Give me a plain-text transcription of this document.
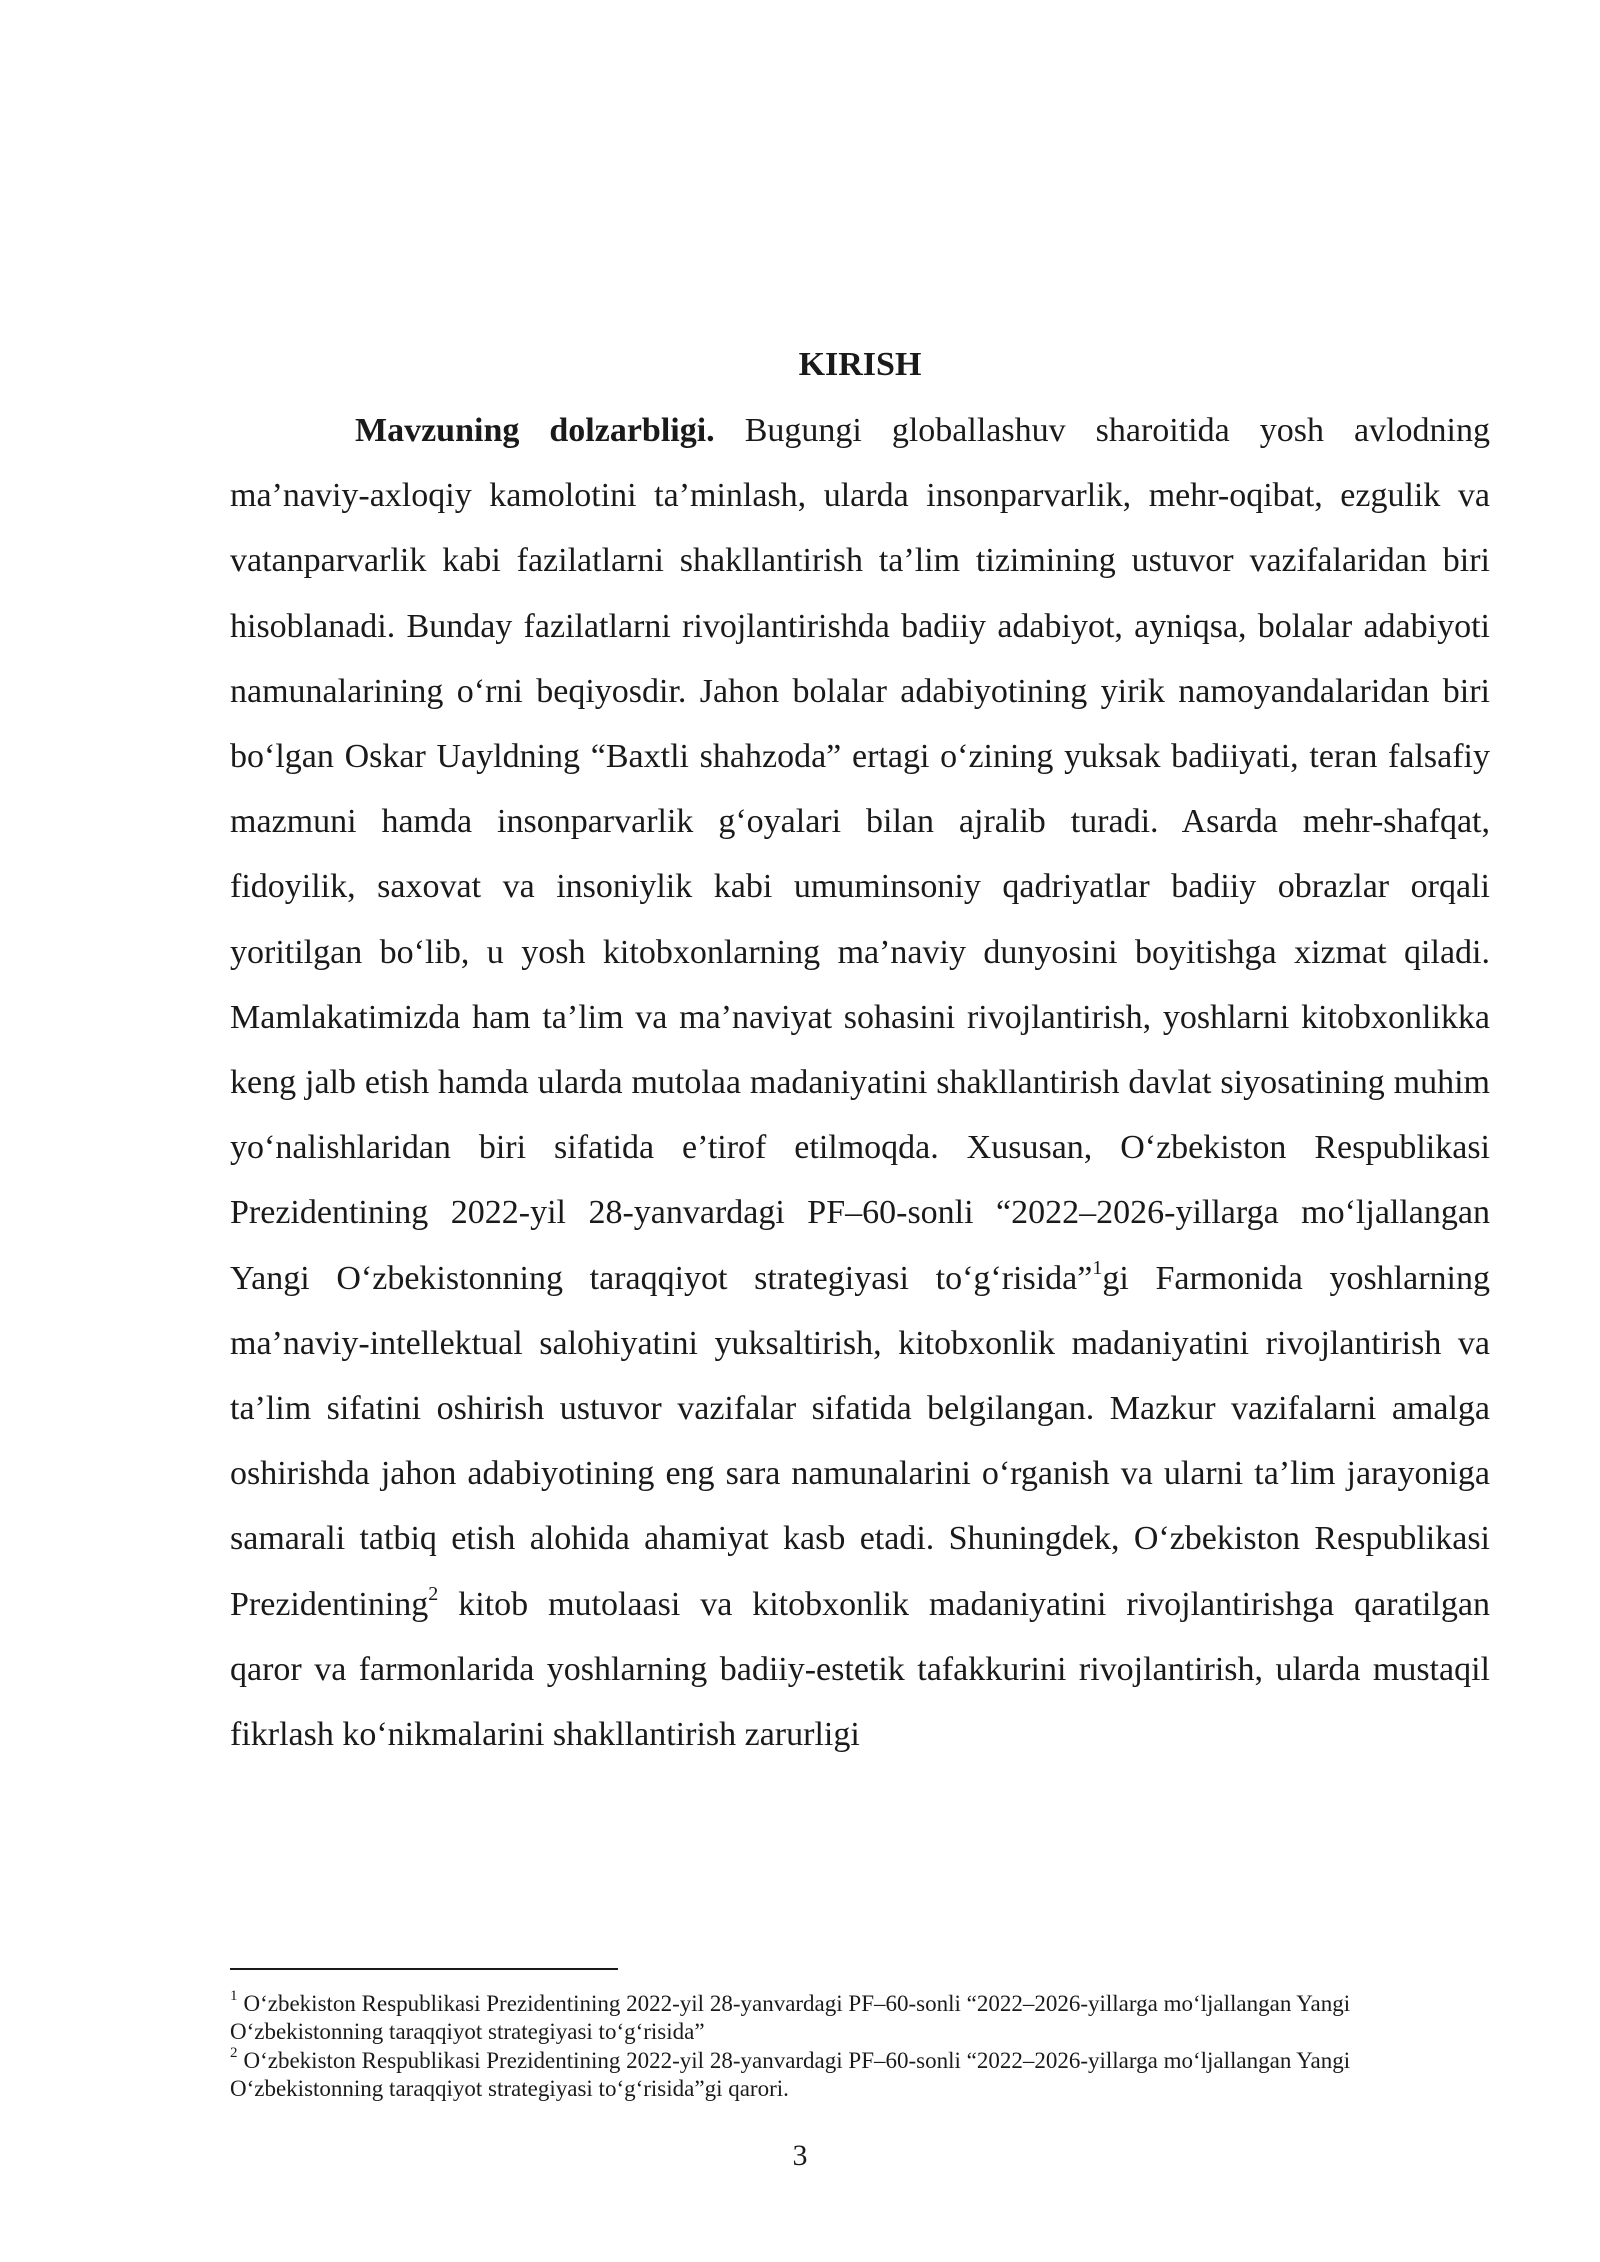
KIRISH

Mavzuning dolzarbligi. Bugungi globallashuv sharoitida yosh avlodning ma’naviy-axloqiy kamolotini ta’minlash, ularda insonparvarlik, mehr-oqibat, ezgulik va vatanparvarlik kabi fazilatlarni shakllantirish ta’lim tizimining ustuvor vazifalaridan biri hisoblanadi. Bunday fazilatlarni rivojlantirishda badiiy adabiyot, ayniqsa, bolalar adabiyoti namunalarining o‘rni beqiyosdir. Jahon bolalar adabiyotining yirik namoyandalaridan biri bo‘lgan Oskar Uayldning “Baxtli shahzoda” ertagi o‘zining yuksak badiiyati, teran falsafiy mazmuni hamda insonparvarlik g‘oyalari bilan ajralib turadi. Asarda mehr-shafqat, fidoyilik, saxovat va insoniylik kabi umuminsoniy qadriyatlar badiiy obrazlar orqali yoritilgan bo‘lib, u yosh kitobxonlarning ma’naviy dunyosini boyitishga xizmat qiladi. Mamlakatimizda ham ta’lim va ma’naviyat sohasini rivojlantirish, yoshlarni kitobxonlikka keng jalb etish hamda ularda mutolaa madaniyatini shakllantirish davlat siyosatining muhim yo‘nalishlaridan biri sifatida e’tirof etilmoqda. Xususan, O‘zbekiston Respublikasi Prezidentining 2022-yil 28-yanvardagi PF–60-sonli “2022–2026-yillarga mo‘ljallangan Yangi O‘zbekistonning taraqqiyot strategiyasi to‘g‘risida”$^1$gi Farmonida yoshlarning ma’naviy-intellektual salohiyatini yuksaltirish, kitobxonlik madaniyatini rivojlantirish va ta’lim sifatini oshirish ustuvor vazifalar sifatida belgilangan. Mazkur vazifalarni amalga oshirishda jahon adabiyotining eng sara namunalarini o‘rganish va ularni ta’lim jarayoniga samarali tatbiq etish alohida ahamiyat kasb etadi. Shuningdek, O‘zbekiston Respublikasi Prezidentining$^2$ kitob mutolaasi va kitobxonlik madaniyatini rivojlantirishga qaratilgan qaror va farmonlarida yoshlarning badiiy-estetik tafakkurini rivojlantirish, ularda mustaqil fikrlash ko‘nikmalarini shakllantirish zarurligi

$^1$ O‘zbekiston Respublikasi Prezidentining 2022-yil 28-yanvardagi PF–60-sonli “2022–2026-yillarga mo‘ljallangan Yangi O‘zbekistonning taraqqiyot strategiyasi to‘g‘risida”
$^2$ O‘zbekiston Respublikasi Prezidentining 2022-yil 28-yanvardagi PF–60-sonli “2022–2026-yillarga mo‘ljallangan Yangi O‘zbekistonning taraqqiyot strategiyasi to‘g‘risida”gi qarori.
3
